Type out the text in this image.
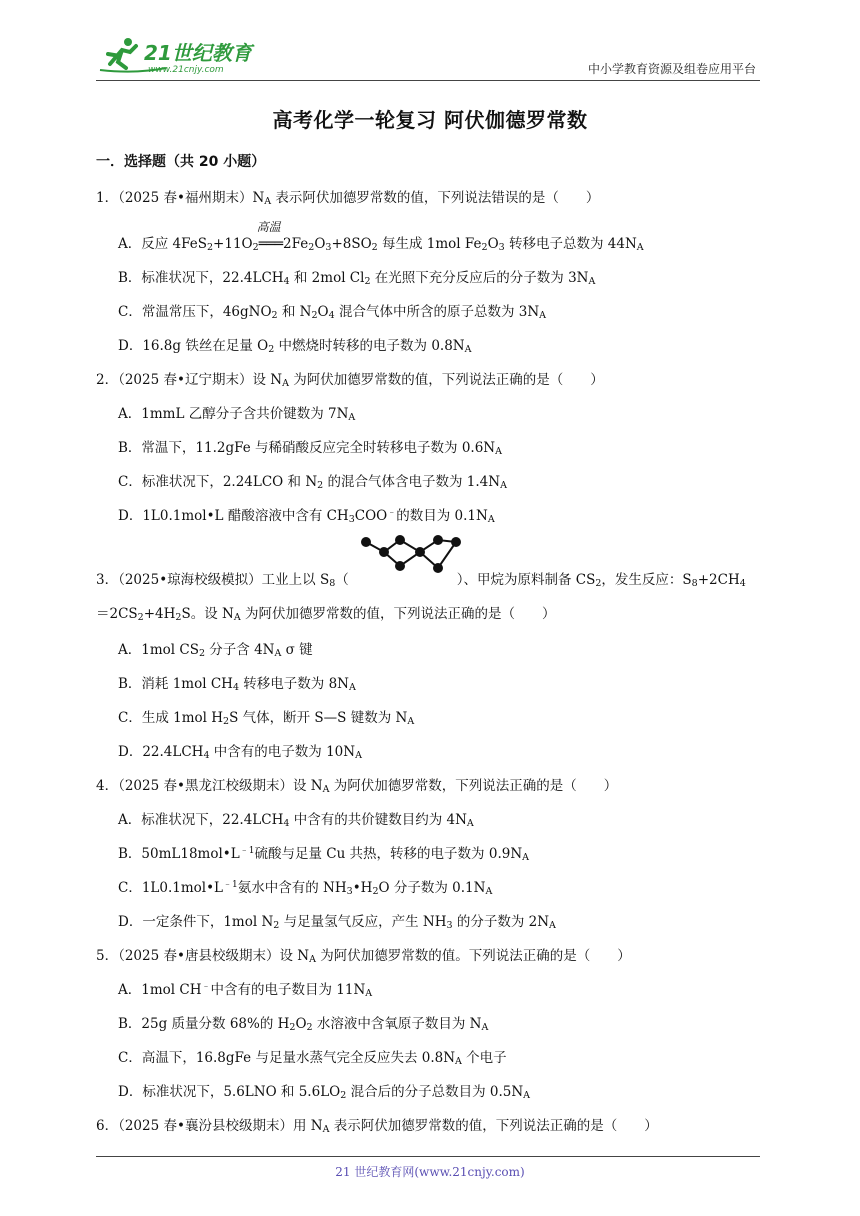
21世纪教育
www.21cnjy.com	中小学教育资源及组卷应用平台
高考化学一轮复习 阿伏伽德罗常数
一．选择题（共 20 小题）
1．（2025 春•福州期末）$N_A$ 表示阿伏加德罗常数的值，下列说法错误的是（　　）
A．反应 $4FeS_2+11O_2$
高温
$═══2Fe_2O_3+8SO_2$ 每生成 1mol $Fe_2O_3$ 转移电子总数为 $44N_A$
B．标准状况下，$22.4LCH_4$ 和 2mol $Cl_2$ 在光照下充分反应后的分子数为 $3N_A$
C．常温常压下，46gNO$_2$ 和 $N_2O_4$ 混合气体中所含的原子总数为 $3N_A$
D．16.8g 铁丝在足量 $O_2$ 中燃烧时转移的电子数为 $0.8N_A$
2．（2025 春•辽宁期末）设 $N_A$ 为阿伏加德罗常数的值，下列说法正确的是（　　）
A．1mmL 乙醇分子含共价键数为 $7N_A$
B．常温下，11.2gFe 与稀硝酸反应完全时转移电子数为 $0.6N_A$
C．标准状况下，2.24LCO 和 $N_2$ 的混合气体含电子数为 $1.4N_A$
D．1L0.1mol•L 醋酸溶液中含有 $CH_3COO^﹣$的数目为 $0.1N_A$
3．（2025•琼海校级模拟）工业上以 $S_8$（	）、甲烷为原料制备 $CS_2$，发生反应：$S_8+2CH_4$
$=2CS_2+4H_2S$。设 $N_A$ 为阿伏加德罗常数的值，下列说法正确的是（　　）
A．1mol $CS_2$ 分子含 $4N_A$ σ 键
B．消耗 1mol $CH_4$ 转移电子数为 $8N_A$
C．生成 1mol $H_2S$ 气体，断开 S—S 键数为 $N_A$
D．$22.4LCH_4$ 中含有的电子数为 $10N_A$
4．（2025 春•黑龙江校级期末）设 $N_A$ 为阿伏加德罗常数，下列说法正确的是（　　）
A．标准状况下，$22.4LCH_4$ 中含有的共价键数目约为 $4N_A$
B．$50mL18mol•L^{﹣1}$硫酸与足量 Cu 共热，转移的电子数为 $0.9N_A$
C．$1L0.1mol•L^{﹣1}$氨水中含有的 $NH_3•H_2O$ 分子数为 $0.1N_A$
D．一定条件下，1mol $N_2$ 与足量氢气反应，产生 $NH_3$ 的分子数为 $2N_A$
5．（2025 春•唐县校级期末）设 $N_A$ 为阿伏加德罗常数的值。下列说法正确的是（　　）
A．1mol CH﹣中含有的电子数目为 $11N_A$
B．25g 质量分数 68%的 $H_2O_2$ 水溶液中含氧原子数目为 $N_A$
C．高温下，16.8gFe 与足量水蒸气完全反应失去 $0.8N_A$ 个电子
D．标准状况下，5.6LNO 和 $5.6LO_2$ 混合后的分子总数目为 $0.5N_A$
6．（2025 春•襄汾县校级期末）用 $N_A$ 表示阿伏加德罗常数的值，下列说法正确的是（　　）
21 世纪教育网(www.21cnjy.com)
